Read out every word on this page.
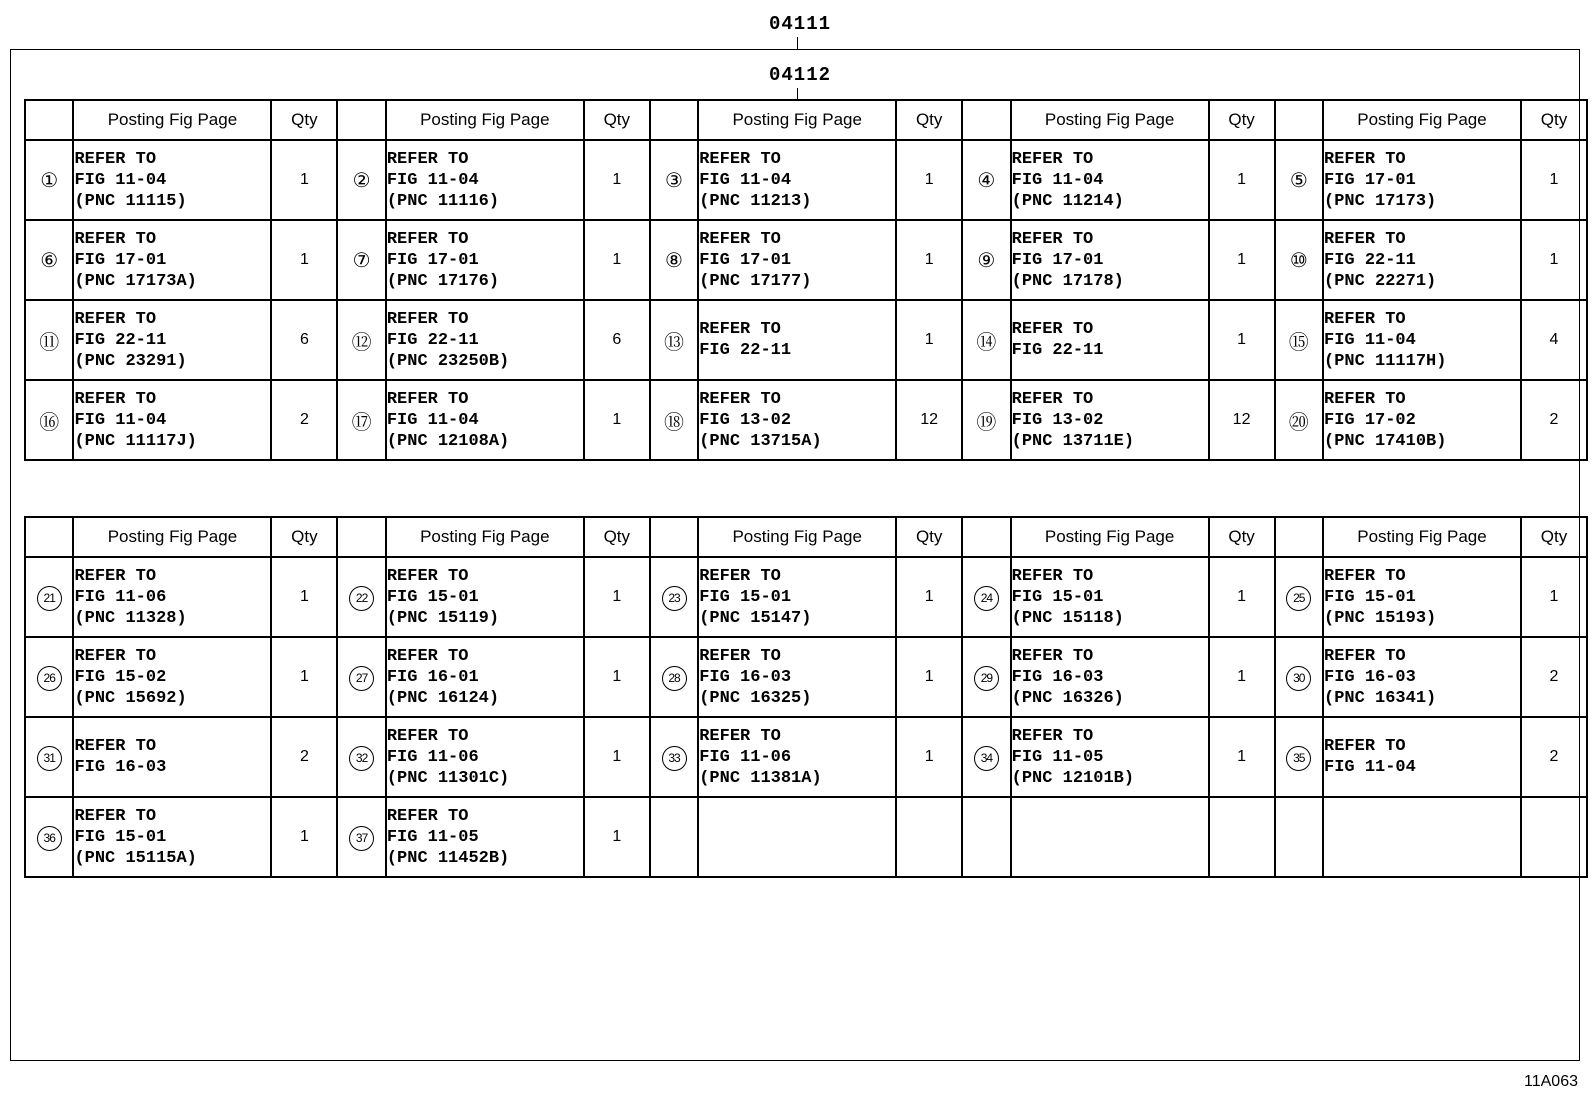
04111
04112
	Posting Fig Page	Qty		Posting Fig Page	Qty		Posting Fig Page	Qty		Posting Fig Page	Qty		Posting Fig Page	Qty
①	REFER TO
FIG 11-04
(PNC 11115)	1	②	REFER TO
FIG 11-04
(PNC 11116)	1	③	REFER TO
FIG 11-04
(PNC 11213)	1	④	REFER TO
FIG 11-04
(PNC 11214)	1	⑤	REFER TO
FIG 17-01
(PNC 17173)	1
⑥	REFER TO
FIG 17-01
(PNC 17173A)	1	⑦	REFER TO
FIG 17-01
(PNC 17176)	1	⑧	REFER TO
FIG 17-01
(PNC 17177)	1	⑨	REFER TO
FIG 17-01
(PNC 17178)	1	⑩	REFER TO
FIG 22-11
(PNC 22271)	1
⑪	REFER TO
FIG 22-11
(PNC 23291)	6	⑫	REFER TO
FIG 22-11
(PNC 23250B)	6	⑬	REFER TO
FIG 22-11	1	⑭	REFER TO
FIG 22-11	1	⑮	REFER TO
FIG 11-04
(PNC 11117H)	4
⑯	REFER TO
FIG 11-04
(PNC 11117J)	2	⑰	REFER TO
FIG 11-04
(PNC 12108A)	1	⑱	REFER TO
FIG 13-02
(PNC 13715A)	12	⑲	REFER TO
FIG 13-02
(PNC 13711E)	12	⑳	REFER TO
FIG 17-02
(PNC 17410B)	2
	Posting Fig Page	Qty		Posting Fig Page	Qty		Posting Fig Page	Qty		Posting Fig Page	Qty		Posting Fig Page	Qty
21	REFER TO
FIG 11-06
(PNC 11328)	1	22	REFER TO
FIG 15-01
(PNC 15119)	1	23	REFER TO
FIG 15-01
(PNC 15147)	1	24	REFER TO
FIG 15-01
(PNC 15118)	1	25	REFER TO
FIG 15-01
(PNC 15193)	1
26	REFER TO
FIG 15-02
(PNC 15692)	1	27	REFER TO
FIG 16-01
(PNC 16124)	1	28	REFER TO
FIG 16-03
(PNC 16325)	1	29	REFER TO
FIG 16-03
(PNC 16326)	1	30	REFER TO
FIG 16-03
(PNC 16341)	2
31	REFER TO
FIG 16-03	2	32	REFER TO
FIG 11-06
(PNC 11301C)	1	33	REFER TO
FIG 11-06
(PNC 11381A)	1	34	REFER TO
FIG 11-05
(PNC 12101B)	1	35	REFER TO
FIG 11-04	2
36	REFER TO
FIG 15-01
(PNC 15115A)	1	37	REFER TO
FIG 11-05
(PNC 11452B)	1		

11A063
